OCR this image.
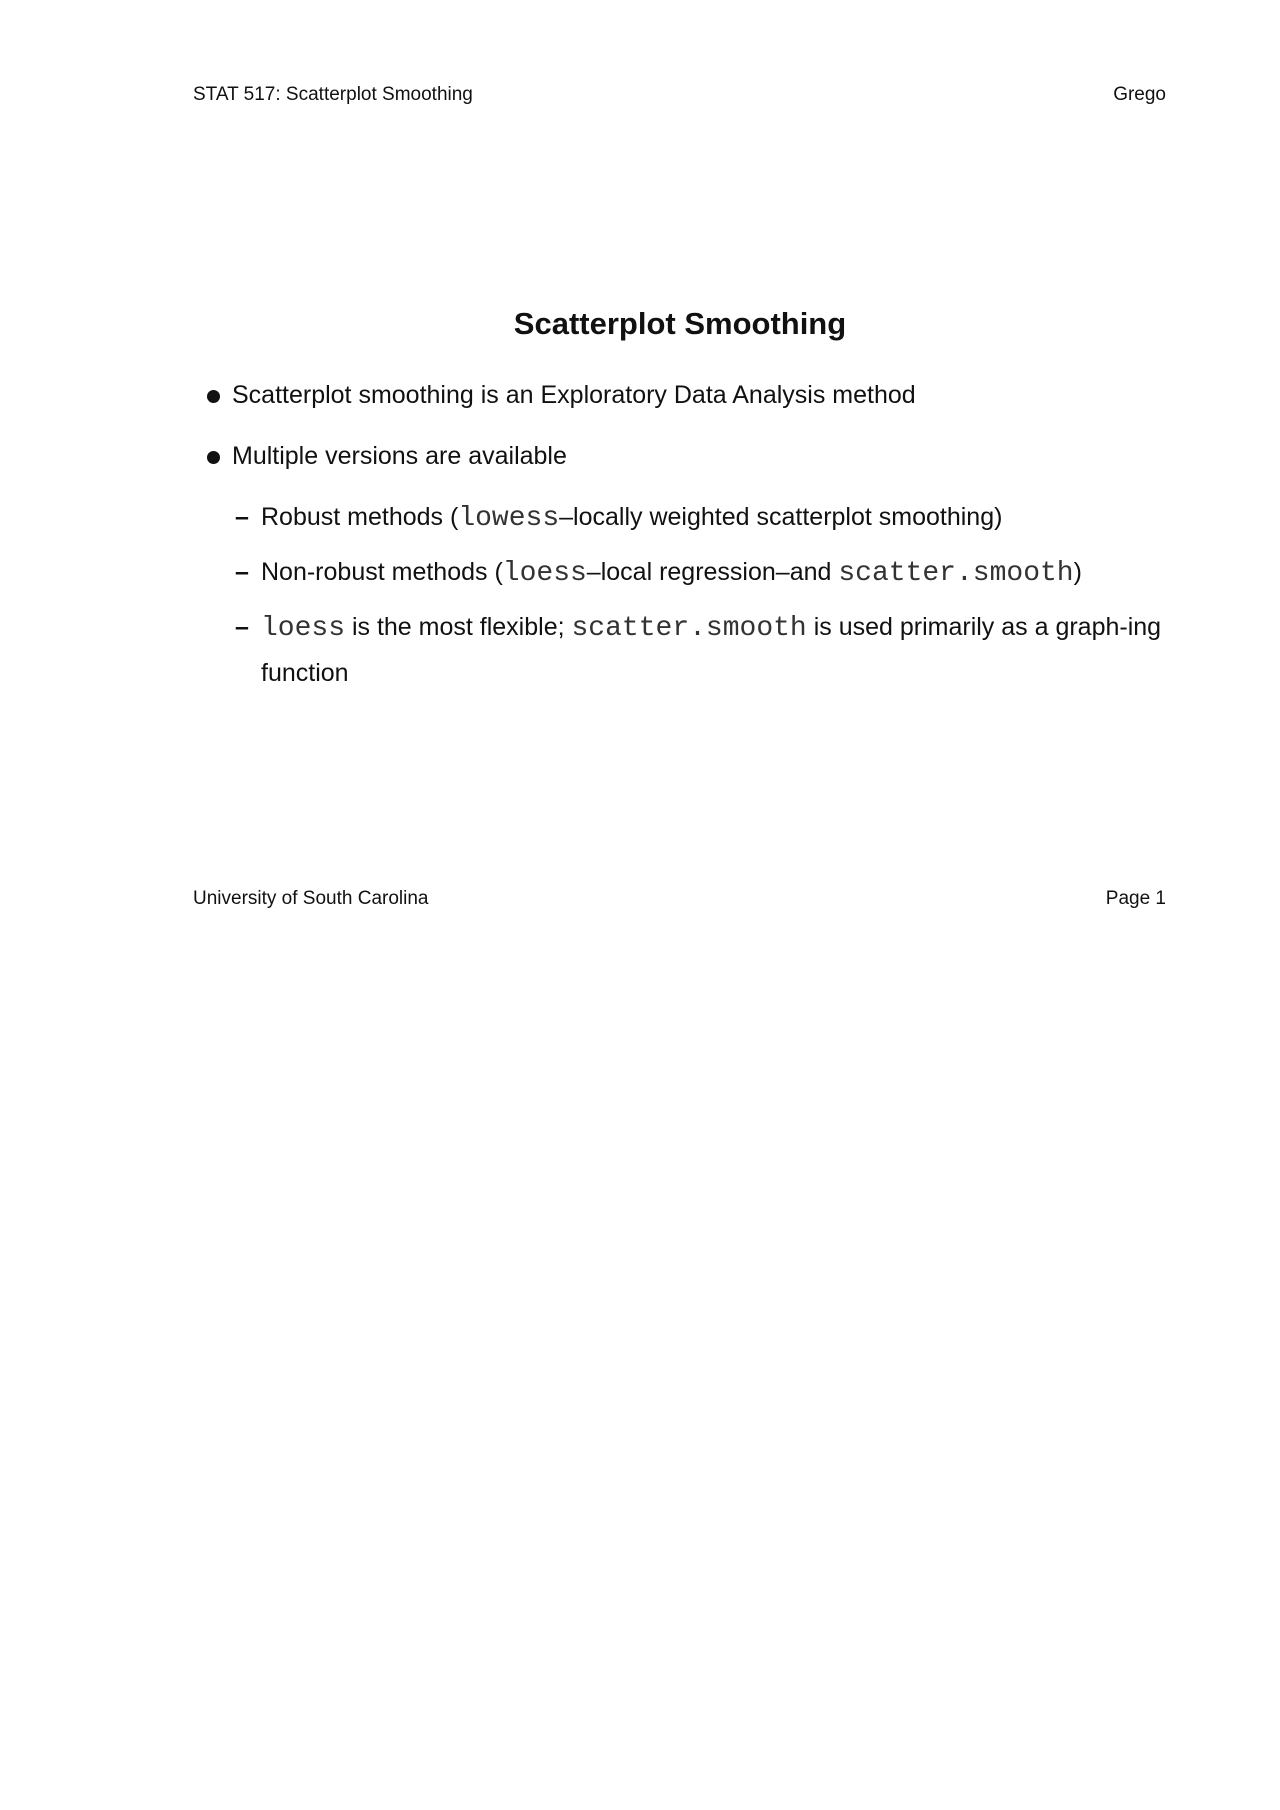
STAT 517: Scatterplot Smoothing	Grego
Scatterplot Smoothing
Scatterplot smoothing is an Exploratory Data Analysis method
Multiple versions are available
– Robust methods (lowess–locally weighted scatterplot smoothing)
– Non-robust methods (loess–local regression–and scatter.smooth)
– loess is the most flexible; scatter.smooth is used primarily as a graph-ing function
University of South Carolina	Page 1
